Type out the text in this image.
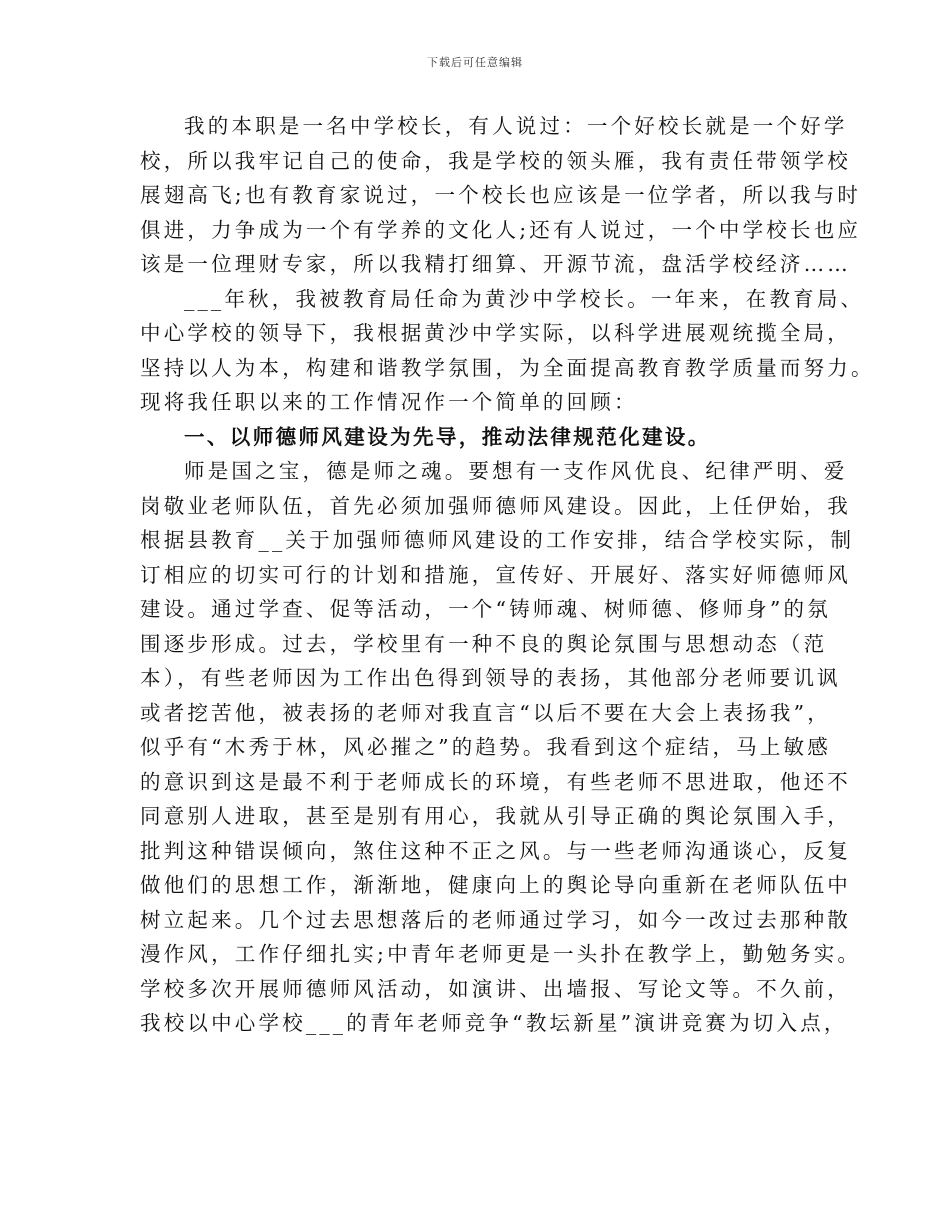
下载后可任意编辑
我的本职是一名中学校长，有人说过：一个好校长就是一个好学
校，所以我牢记自己的使命，我是学校的领头雁，我有责任带领学校
展翅高飞;也有教育家说过，一个校长也应该是一位学者，所以我与时
俱进，力争成为一个有学养的文化人;还有人说过，一个中学校长也应
该是一位理财专家，所以我精打细算、开源节流，盘活学校经济……
___年秋，我被教育局任命为黄沙中学校长。一年来，在教育局、
中心学校的领导下，我根据黄沙中学实际，以科学进展观统揽全局，
坚持以人为本，构建和谐教学氛围，为全面提高教育教学质量而努力。
现将我任职以来的工作情况作一个简单的回顾：
一、以师德师风建设为先导，推动法律规范化建设。
师是国之宝，德是师之魂。要想有一支作风优良、纪律严明、爱
岗敬业老师队伍，首先必须加强师德师风建设。因此，上任伊始，我
根据县教育__关于加强师德师风建设的工作安排，结合学校实际，制
订相应的切实可行的计划和措施，宣传好、开展好、落实好师德师风
建设。通过学查、促等活动，一个“铸师魂、树师德、修师身”的氛
围逐步形成。过去，学校里有一种不良的舆论氛围与思想动态（范
本），有些老师因为工作出色得到领导的表扬，其他部分老师要讥讽
或者挖苦他，被表扬的老师对我直言“以后不要在大会上表扬我”，
似乎有“木秀于林，风必摧之”的趋势。我看到这个症结，马上敏感
的意识到这是最不利于老师成长的环境，有些老师不思进取，他还不
同意别人进取，甚至是别有用心，我就从引导正确的舆论氛围入手，
批判这种错误倾向，煞住这种不正之风。与一些老师沟通谈心，反复
做他们的思想工作，渐渐地，健康向上的舆论导向重新在老师队伍中
树立起来。几个过去思想落后的老师通过学习，如今一改过去那种散
漫作风，工作仔细扎实;中青年老师更是一头扑在教学上，勤勉务实。
学校多次开展师德师风活动，如演讲、出墙报、写论文等。不久前，
我校以中心学校___的青年老师竞争“教坛新星”演讲竞赛为切入点，
